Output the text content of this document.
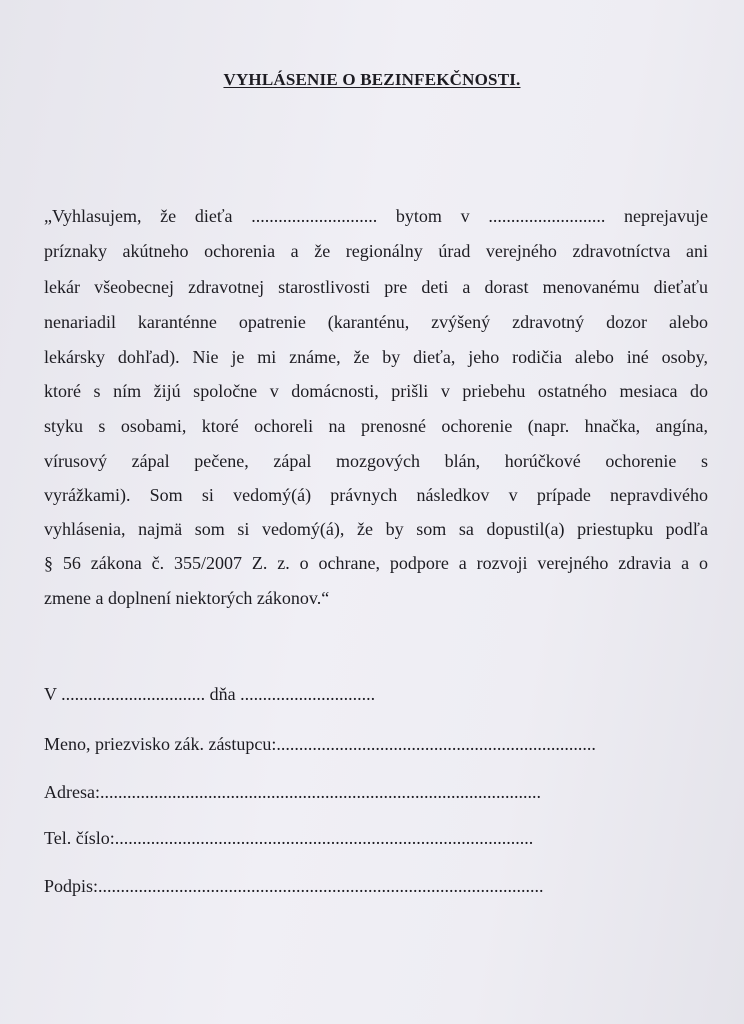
VYHLÁSENIE O BEZINFEKČNOSTI.
„Vyhlasujem, že dieťa ............................ bytom v .......................... neprejavuje
príznaky akútneho ochorenia a že regionálny úrad verejného zdravotníctva ani
lekár všeobecnej zdravotnej starostlivosti pre deti a dorast menovanému dieťaťu
nenariadil karanténne opatrenie (karanténu, zvýšený zdravotný dozor alebo
lekársky dohľad). Nie je mi známe, že by dieťa, jeho rodičia alebo iné osoby,
ktoré s ním žijú spoločne v domácnosti, prišli v priebehu ostatného mesiaca do
styku s osobami, ktoré ochoreli na prenosné ochorenie (napr. hnačka, angína,
vírusový zápal pečene, zápal mozgových blán, horúčkové ochorenie s
vyrážkami). Som si vedomý(á) právnych následkov v prípade nepravdivého
vyhlásenia, najmä som si vedomý(á), že by som sa dopustil(a) priestupku podľa
§ 56 zákona č. 355/2007 Z. z. o ochrane, podpore a rozvoji verejného zdravia a o
zmene a doplnení niektorých zákonov.“
V ................................ dňa ..............................
Meno, priezvisko zák. zástupcu:.......................................................................
Adresa:..................................................................................................
Tel. číslo:.............................................................................................
Podpis:...................................................................................................
